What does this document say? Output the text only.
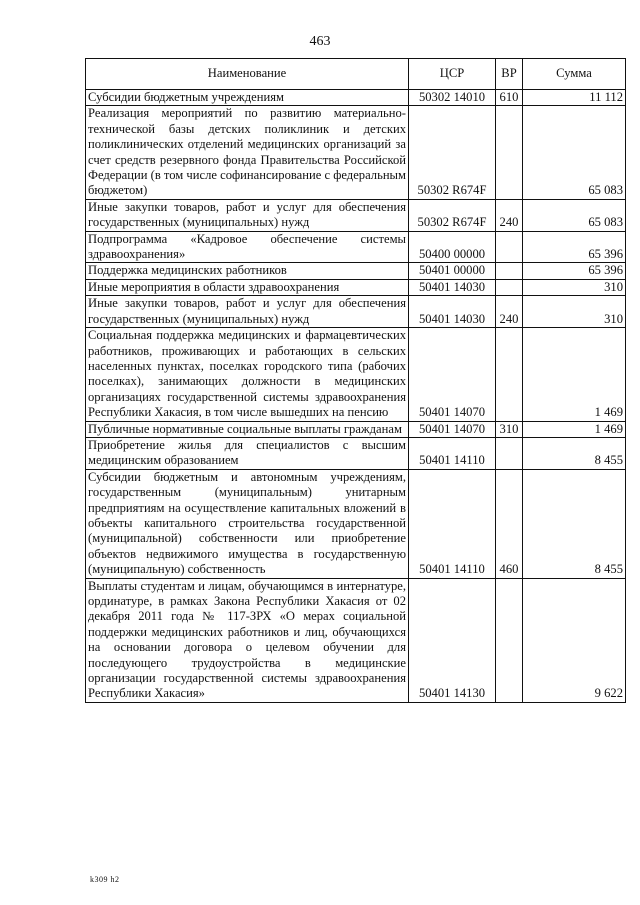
463
Наименование	ЦСР	ВР	Сумма
Субсидии бюджетным учреждениям	50302 14010	610	11 112
Реализация мероприятий по развитию материально-технической базы детских поликлиник и детских поликлинических отделений медицинских организаций за счет средств резервного фонда Правительства Российской Федерации (в том числе софинансирование с федеральным бюджетом)	50302 R674F		65 083
Иные закупки товаров, работ и услуг для обеспечения государственных (муниципальных) нужд	50302 R674F	240	65 083
Подпрограмма «Кадровое обеспечение системы здравоохранения»	50400 00000		65 396
Поддержка медицинских работников	50401 00000		65 396
Иные мероприятия в области здравоохранения	50401 14030		310
Иные закупки товаров, работ и услуг для обеспечения государственных (муниципальных) нужд	50401 14030	240	310
Социальная поддержка медицинских и фармацевтических работников, проживающих и работающих в сельских населенных пунктах, поселках городского типа (рабочих поселках), занимающих должности в медицинских организациях государственной системы здравоохранения Республики Хакасия, в том числе вышедших на пенсию	50401 14070		1 469
Публичные нормативные социальные выплаты гражданам	50401 14070	310	1 469
Приобретение жилья для специалистов с высшим медицинским образованием	50401 14110		8 455
Субсидии бюджетным и автономным учреждениям, государственным (муниципальным) унитарным предприятиям на осуществление капитальных вложений в объекты капитального строительства государственной (муниципальной) собственности или приобретение объектов недвижимого имущества в государственную (муниципальную) собственность	50401 14110	460	8 455
Выплаты студентам и лицам, обучающимся в интернатуре, ординатуре, в рамках Закона Республики Хакасия от 02 декабря 2011 года № 117-ЗРХ «О мерах социальной поддержки медицинских работников и лиц, обучающихся на основании договора о целевом обучении для последующего трудоустройства в медицинские организации государственной системы здравоохранения Республики Хакасия»	50401 14130		9 622
k309 h2
